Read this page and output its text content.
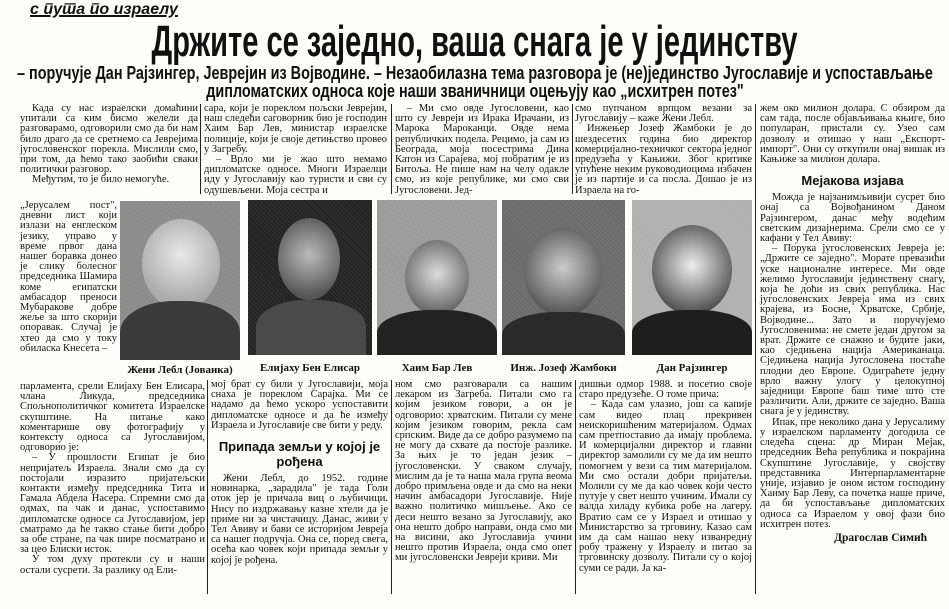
с пута по израелу
Држите се заједно, ваша снага је у јединству
– поручује Дан Рајзингер, Јеврејин из Војводине. – Незаобилазна тема разговора је (не)јединство Југославије и успостављање дипломатских односа које наши званичници оцењују као „исхитрен потез"

Када су нас израелски домаћини упитали са ким бисмо желели да разговарамо, одговорили смо да би нам било драго да се сретнемо са Јеврејима југословенског порекла. Мислили смо, при том, да ћемо тако заобићи сваки политички разговор.

Међутим, то је било немогуће.

„Јерусалем пост", дневни лист који излази на енглеском језику, управо у време првог дана нашег боравка донео је слику болесног председника Шамира коме египатски амбасадор преноси Мубаракове добре жеље за што скорији опоравак. Случај је хтео да смо у току обиласка Кнесета –

сара, који је пореклом пољски Јеврејин, наш следећи саговорник био је господин Хаим Бар Лев, министар израелске полиције, који је своје детињство провео у Загребу.

– Врло ми је жао што немамо дипломатске односе. Многи Израелци иду у Југославију као туристи и сви су одушевљени. Моја сестра и

– Ми смо овде Југословени, као што су Јевреји из Ирака Ирачани, из Марока Мароканци. Овде нема републичких подела. Рецимо, ја сам из Београда, моја посестрима Дина Катон из Сарајева, мој побратим је из Битоља. Не пише нам на челу одакле смо, из које републике, ми смо сви Југословени. Јед-

смо пупчаном врпцом везани за Југославију – каже Жени Лебл.

Инжењер Јозеф Жамбоки је до шездесетих година био директор комерцијално-техничког сектора једног предузећа у Кањижи. Због критике упућене неким руководиоцима избачен је из партије и са посла. Дошао је из Израела на го-

Жени Лебл (Јованка)	Елијаху Бен Елисар	Хаим Бар Лев	Инж. Јозеф Жамбоки	Дан Рајзингер

парламента, срели Елијаху Бен Елисара, члана Ликуда, председника Спољнополитичког комитета Израелске скупштине. На питање како коментарише ову фотографију у контексту односа са Југославијом, одговорио је:

– У прошлости Египат је био непријатељ Израела. Знали смо да су постојали изразито пријатељски контакти између председника Тита и Гамала Абдела Насера. Спремни смо да одмах, па чак и данас, успоставимо дипломатске односе са Југославијом, јер сматрамо да ће такво стање бити добро за обе стране, па чак шире посматрано и за цео Блиски исток.

У том духу протекли су и наши остали сусрети. За разлику од Ели-

мој брат су били у Југославији, моја снаха је пореклом Сарајка. Ми се надамо да ћемо ускоро успоставити дипломатске односе и да ће између Израела и Југославије све бити у реду.

Припада земљи у којој је рођена

Жени Лебл, до 1952. године новинарка, „зарадила" је тада Голи оток јер је причала виц о љубичици. Нису по издржавању казне хтели да је приме ни за чистачицу. Данас, живи у Тел Авиву и бави се историјом Јевреја са нашег подручја. Она се, поред свега, осећа као човек који припада земљи у којој је рођена.

ном смо разговарали са нашим лекаром из Загреба. Питали смо га којим језиком говори, а он је одговорио: хрватским. Питали су мене којим језиком говорим, рекла сам српским. Виде да се добро разумемо па не могу да схвате да постоје разлике. За њих је то један језик – југословенски. У сваком случају, мислим да је та наша мала група веома добро примљена овде и да смо на неки начин амбасадори Југославије. Није важно политичко мишљење. Ако се деси нешто везано за Југославију, ако она нешто добро направи, онда смо ми на висини, ако Југославија учини нешто против Израела, онда смо опет ми југословенски Јевреји криви. Ми

дишњи одмор 1988. и посетио своје старо предузеће. О томе прича:

– Када сам улазио, још са капије сам видео плац прекривен неискоришћеним материјалом. Одмах сам претпоставио да имају проблема. И комерцијални директор и главни директор замолили су ме да им нешто помогнем у вези са тим материјалом. Ми смо остали добри пријатељи. Молили су ме да као човек који често путује у свет нешто учиним. Имали су валда хиладу кубика робе на лагеру. Вратио сам се у Израел и отишао у Министарство за трговину. Казао сам им да сам нашао неку изванредну робу тражену у Израелу и питао за трговинску дозволу. Питали су о којој суми се ради. Ја ка-

жем око милион долара. С обзиром да сам тада, после објављивања књиге, био популаран, пристали су. Узео сам дозволу и отишао у наш „Експорт-импорт". Они су откупили онај вишак из Кањиже за милион долара.

Мејакова изјава

Можда је најзанимљивији сусрет био онај са Војвођанином Даном Рајзингером, данас међу водећим светским дизајнерима. Срели смо се у кафани у Тел Авиву:

– Порука југословенских Јевреја је: „Држите се заједно". Морате превазићи уске националне интересе. Ми овде желимо Југославији јединствену снагу, која ће доћи из свих република. Нас југословенских Јевреја има из свих крајева, из Босне, Хрватске, Србије, Војводине... Зато и поручујемо Југословенима: не смете један другом за врат. Држите се снажно и будите јаки, као сједињена нација Американаца. Сједињена нација Југословена постаће плодни део Европе. Одиграћете једну врло важну улогу у целокупној заједници Европе баш тиме што сте различити. Али, држите се заједно. Ваша снага је у јединству.

Ипак, пре неколико дана у Јерусалиму у израелском парламенту догодила се следећа сцена: др Миран Мејак, председник Већа република и покрајина Скупштине Југославије, у својству представника Интерпарламентарне уније, изјавио је оном истом господину Хаиму Бар Леву, са почетка наше приче, да би успостављање дипломатских односа са Израелом у овој фази био исхитрен потез.

Драгослав Симић
